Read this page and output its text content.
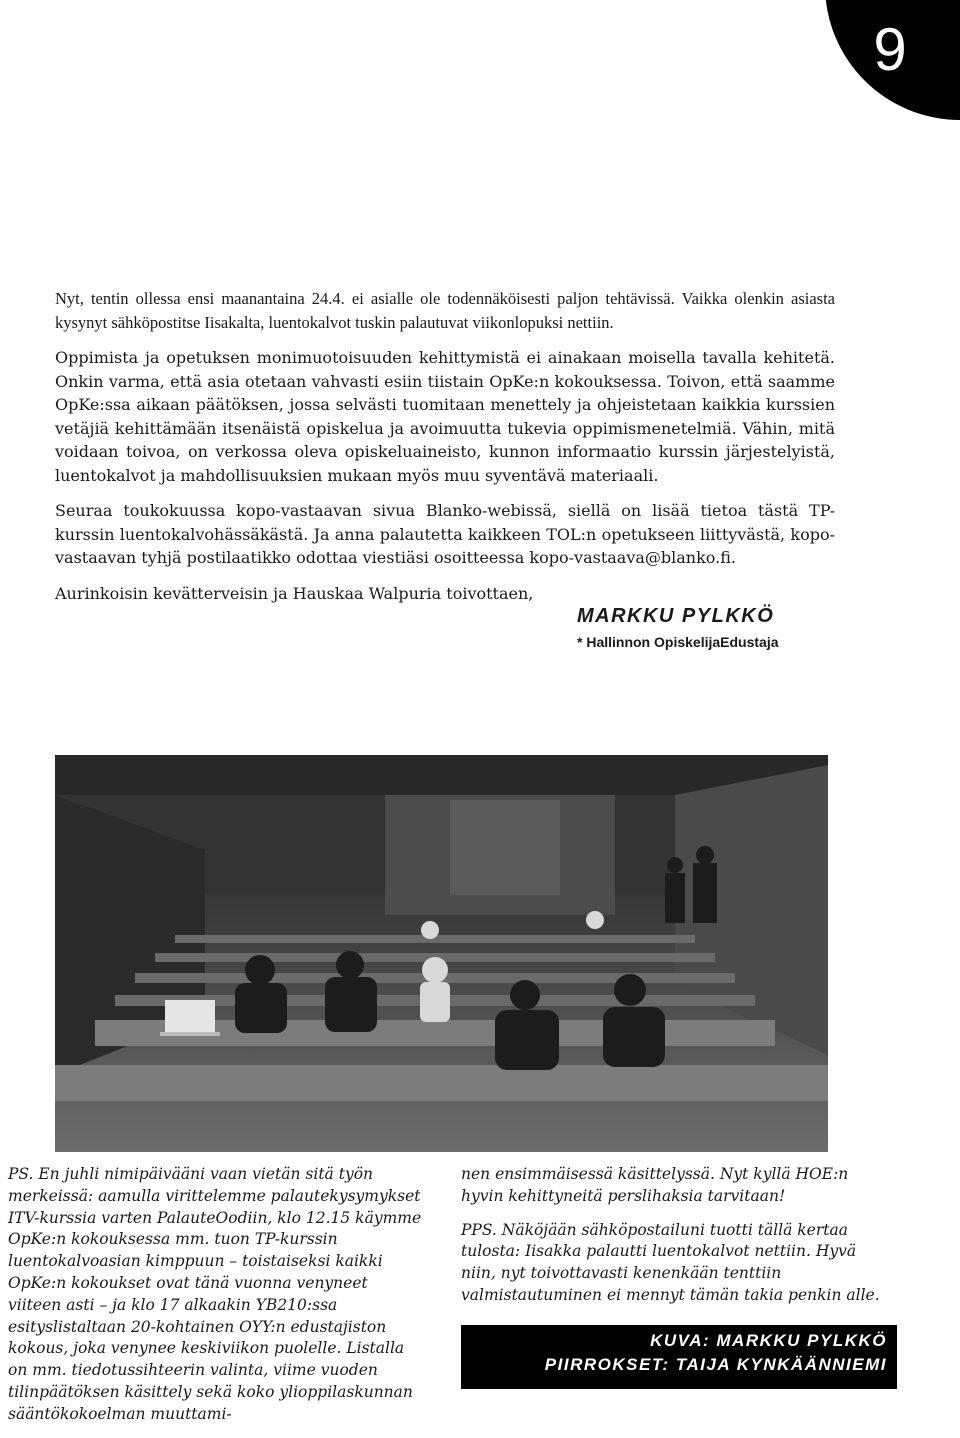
9

Nyt, tentin ollessa ensi maanantaina 24.4. ei asialle ole todennäköisesti paljon tehtävissä. Vaikka olenkin asiasta kysynyt sähköpostitse Iisakalta, luentokalvot tuskin palautuvat viikonlopuksi nettiin.

Oppimista ja opetuksen monimuotoisuuden kehittymistä ei ainakaan moisella tavalla kehitetä. Onkin varma, että asia otetaan vahvasti esiin tiistain OpKe:n kokouksessa. Toivon, että saamme OpKe:ssa aikaan päätöksen, jossa selvästi tuomitaan menettely ja ohjeistetaan kaikkia kurssien vetäjiä kehittämään itsenäistä opiskelua ja avoimuutta tukevia oppimismenetelmiä. Vähin, mitä voidaan toivoa, on verkossa oleva opiskeluaineisto, kunnon informaatio kurssin järjestelyistä, luentokalvot ja mahdollisuuksien mukaan myös muu syventävä materiaali.

Seuraa toukokuussa kopo-vastaavan sivua Blanko-webissä, siellä on lisää tietoa tästä TP-kurssin luentokalvohässäkästä. Ja anna palautetta kaikkeen TOL:n opetukseen liittyvästä, kopo-vastaavan tyhjä postilaatikko odottaa viestiäsi osoitteessa kopo-vastaava@blanko.fi.

Aurinkoisin kevätterveisin ja Hauskaa Walpuria toivottaen,

MARKKU PYLKKÖ
* Hallinnon OpiskelijaEdustaja

PS. En juhli nimipäivääni vaan vietän sitä työn merkeissä: aamulla virittelemme palautekysymykset ITV-kurssia varten PalauteOodiin, klo 12.15 käymme OpKe:n kokouksessa mm. tuon TP-kurssin luentokalvoasian kimppuun – toistaiseksi kaikki OpKe:n kokoukset ovat tänä vuonna venyneet viiteen asti – ja klo 17 alkaakin YB210:ssa esityslistaltaan 20-kohtainen OYY:n edustajiston kokous, joka venynee keskiviikon puolelle. Listalla on mm. tiedotussihteerin valinta, viime vuoden tilinpäätöksen käsittely sekä koko ylioppilaskunnan sääntökokoelman muuttami-

nen ensimmäisessä käsittelyssä. Nyt kyllä HOE:n hyvin kehittyneitä perslihaksia tarvitaan!

PPS. Näköjään sähköpostailuni tuotti tällä kertaa tulosta: Iisakka palautti luentokalvot nettiin. Hyvä niin, nyt toivottavasti kenenkään tenttiin valmistautuminen ei mennyt tämän takia penkin alle.

KUVA: MARKKU PYLKKÖ
PIIRROKSET: TAIJA KYNKÄÄNNIEMI
